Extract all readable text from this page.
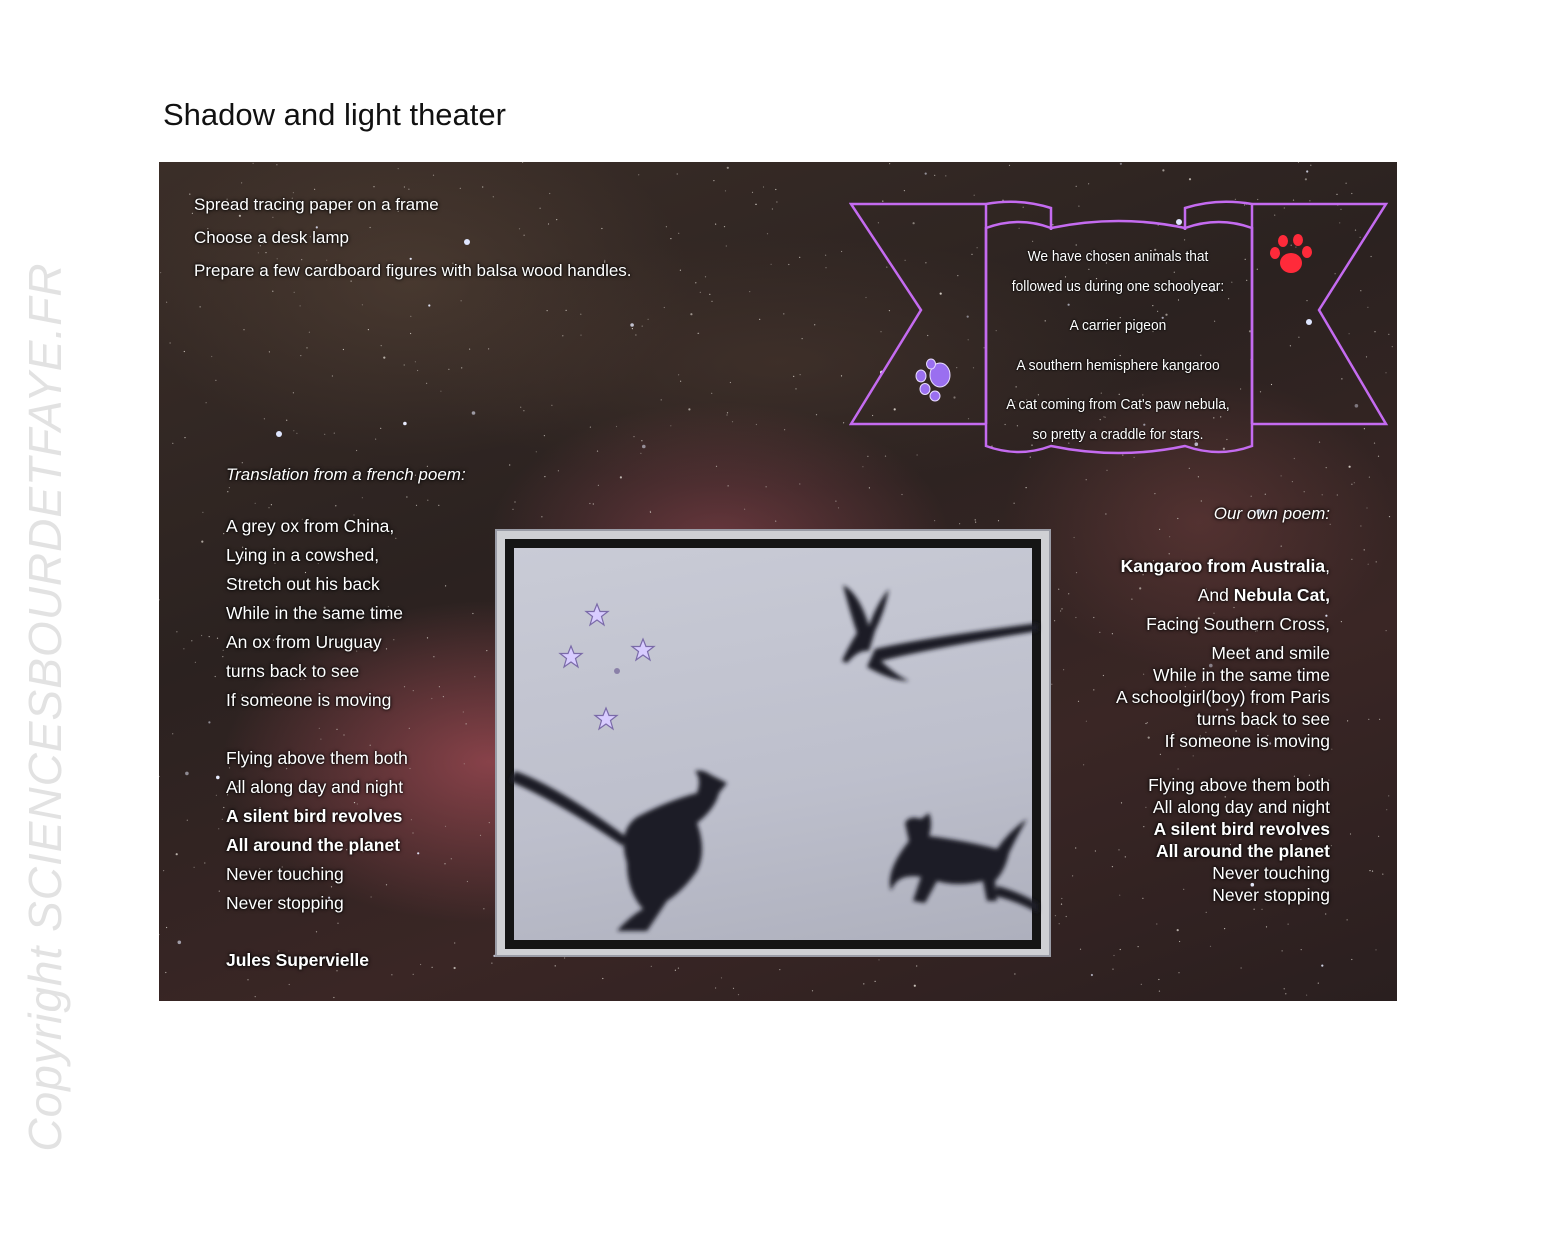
Copyright SCIENCESBOURDETFAYE.FR
Shadow and light theater
Spread tracing paper on a frame
Choose a desk lamp
Prepare a few cardboard figures with balsa wood handles.
We have chosen animals that
followed us during one schoolyear:
A carrier pigeon
A southern hemisphere kangaroo
A cat coming from Cat's paw nebula,
so pretty a craddle for stars.
Translation from a french poem:
A grey ox from China,
Lying in a cowshed,
Stretch out his back
While in the same time
An ox from Uruguay
turns back to see
If someone is moving
Flying above them both
All along day and night
A silent bird revolves
All around the planet
Never touching
Never stopping
Jules Supervielle
Our own poem:
Kangaroo from Australia,
And Nebula Cat,
Facing Southern Cross,
Meet and smile
While in the same time
A schoolgirl(boy) from Paris
turns back to see
If someone is moving
Flying above them both
All along day and night
A silent bird revolves
All around the planet
Never touching
Never stopping
